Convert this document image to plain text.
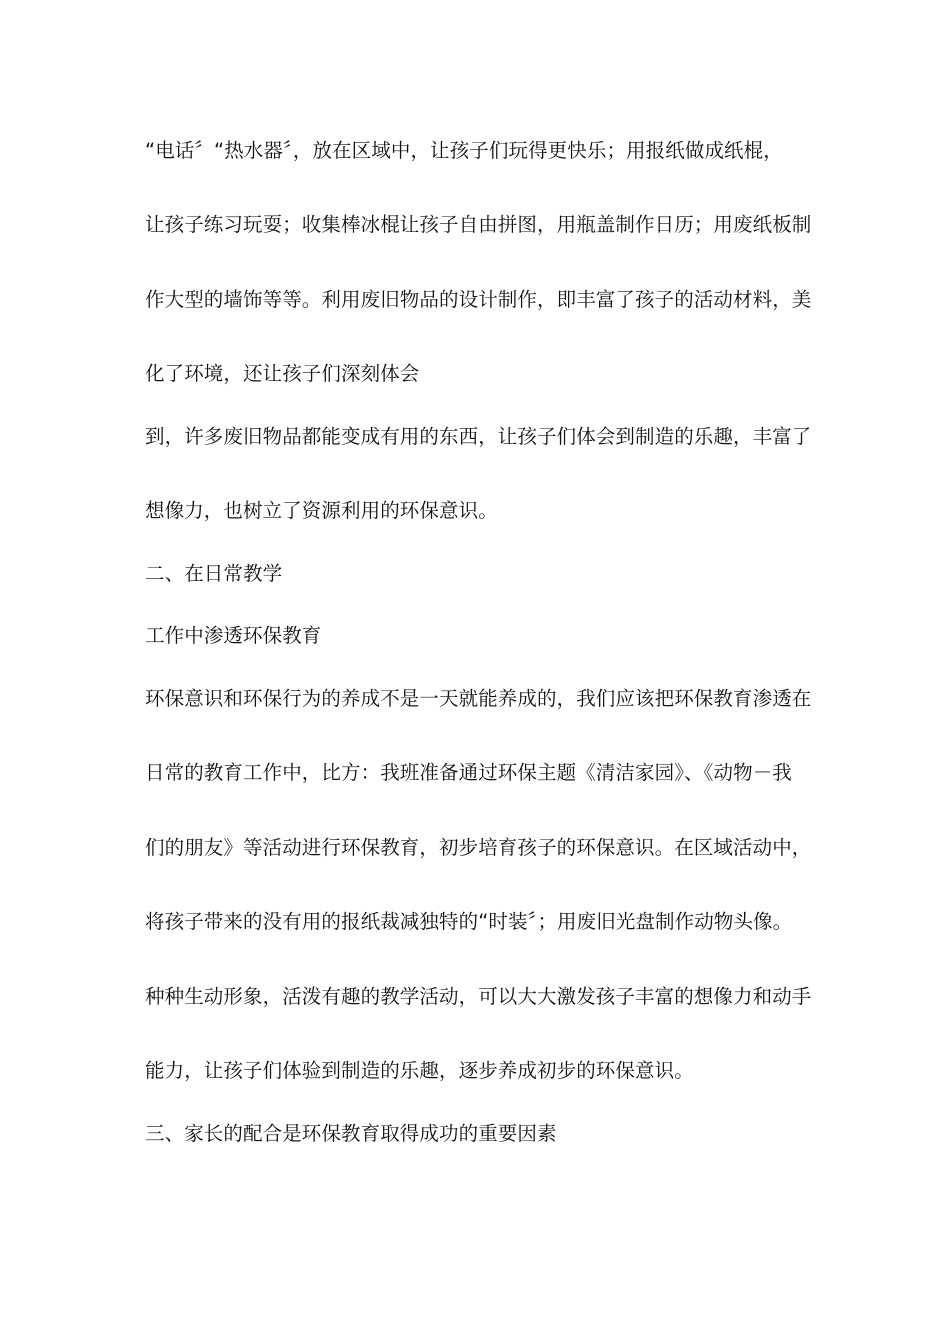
“电话〞“热水器〞，放在区域中，让孩子们玩得更快乐；用报纸做成纸棍，
让孩子练习玩耍；收集棒冰棍让孩子自由拼图，用瓶盖制作日历；用废纸板制
作大型的墙饰等等。利用废旧物品的设计制作，即丰富了孩子的活动材料，美
化了环境，还让孩子们深刻体会
到，许多废旧物品都能变成有用的东西，让孩子们体会到制造的乐趣，丰富了
想像力，也树立了资源利用的环保意识。
二、在日常教学
工作中渗透环保教育
环保意识和环保行为的养成不是一天就能养成的，我们应该把环保教育渗透在
日常的教育工作中，比方：我班准备通过环保主题《清洁家园》、《动物－我
们的朋友》等活动进行环保教育，初步培育孩子的环保意识。在区域活动中，
将孩子带来的没有用的报纸裁减独特的“时装〞；用废旧光盘制作动物头像。
种种生动形象，活泼有趣的教学活动，可以大大激发孩子丰富的想像力和动手
能力，让孩子们体验到制造的乐趣，逐步养成初步的环保意识。
三、家长的配合是环保教育取得成功的重要因素
